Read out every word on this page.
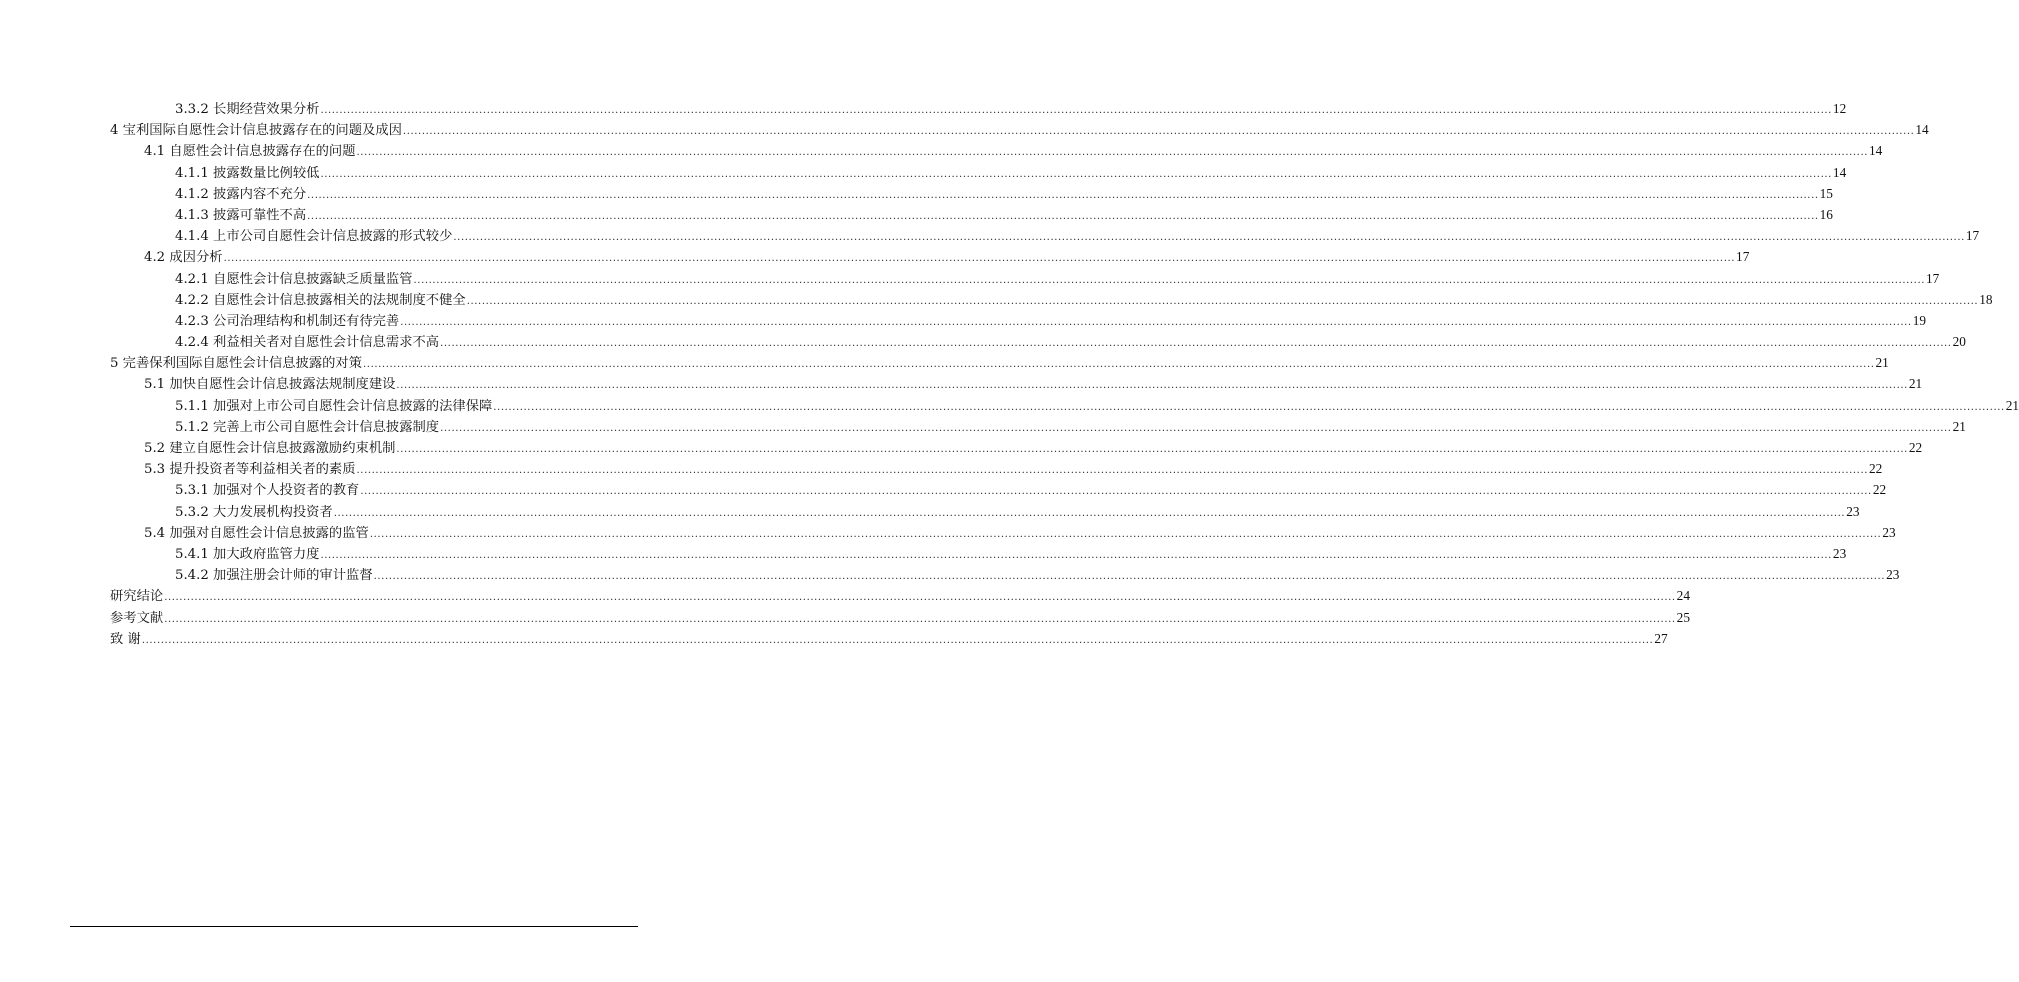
3.3.2 长期经营效果分析 ................................................................................................................................................................................................................................................................................................................................................................................................................ 12
4 宝利国际自愿性会计信息披露存在的问题及成因 ................................................................................................................................................................................................................................................................................................................................................................................................................ 14
4.1 自愿性会计信息披露存在的问题 ................................................................................................................................................................................................................................................................................................................................................................................................................ 14
4.1.1 披露数量比例较低 ................................................................................................................................................................................................................................................................................................................................................................................................................ 14
4.1.2 披露内容不充分 ................................................................................................................................................................................................................................................................................................................................................................................................................ 15
4.1.3 披露可靠性不高 ................................................................................................................................................................................................................................................................................................................................................................................................................ 16
4.1.4 上市公司自愿性会计信息披露的形式较少 ................................................................................................................................................................................................................................................................................................................................................................................................................ 17
4.2 成因分析 ................................................................................................................................................................................................................................................................................................................................................................................................................ 17
4.2.1 自愿性会计信息披露缺乏质量监管 ................................................................................................................................................................................................................................................................................................................................................................................................................ 17
4.2.2 自愿性会计信息披露相关的法规制度不健全 ................................................................................................................................................................................................................................................................................................................................................................................................................ 18
4.2.3 公司治理结构和机制还有待完善 ................................................................................................................................................................................................................................................................................................................................................................................................................ 19
4.2.4 利益相关者对自愿性会计信息需求不高 ................................................................................................................................................................................................................................................................................................................................................................................................................ 20
5 完善保利国际自愿性会计信息披露的对策 ................................................................................................................................................................................................................................................................................................................................................................................................................ 21
5.1 加快自愿性会计信息披露法规制度建设 ................................................................................................................................................................................................................................................................................................................................................................................................................ 21
5.1.1 加强对上市公司自愿性会计信息披露的法律保障 ................................................................................................................................................................................................................................................................................................................................................................................................................ 21
5.1.2 完善上市公司自愿性会计信息披露制度 ................................................................................................................................................................................................................................................................................................................................................................................................................ 21
5.2 建立自愿性会计信息披露激励约束机制 ................................................................................................................................................................................................................................................................................................................................................................................................................ 22
5.3 提升投资者等利益相关者的素质 ................................................................................................................................................................................................................................................................................................................................................................................................................ 22
5.3.1 加强对个人投资者的教育 ................................................................................................................................................................................................................................................................................................................................................................................................................ 22
5.3.2 大力发展机构投资者 ................................................................................................................................................................................................................................................................................................................................................................................................................ 23
5.4 加强对自愿性会计信息披露的监管 ................................................................................................................................................................................................................................................................................................................................................................................................................ 23
5.4.1 加大政府监管力度 ................................................................................................................................................................................................................................................................................................................................................................................................................ 23
5.4.2 加强注册会计师的审计监督 ................................................................................................................................................................................................................................................................................................................................................................................................................ 23
研究结论 ................................................................................................................................................................................................................................................................................................................................................................................................................ 24
参考文献 ................................................................................................................................................................................................................................................................................................................................................................................................................ 25
致 谢 ................................................................................................................................................................................................................................................................................................................................................................................................................ 27
